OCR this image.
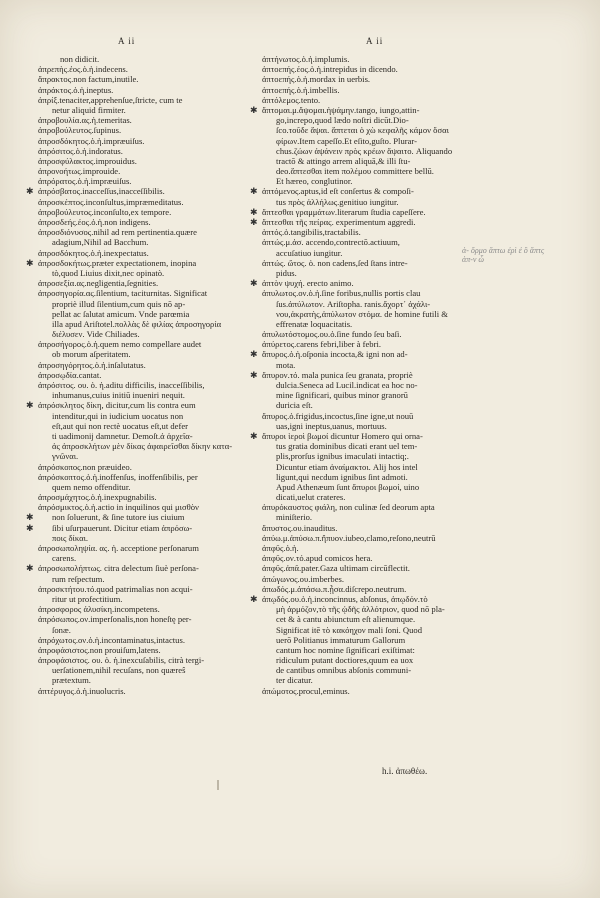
A ii	A ii
non didicit.
ἀπρεπὴς.ἐος.ὁ.ἡ.indecens.
ἄπρακτος.non factum,inutile.
ἀπράκτος.ὁ.ἡ.ineptus.
ἀπρίξ.tenaciter,apprehenſue,ſtricte, cum te
netur aliquid firmiter.
ἀπροβουλία.ας.ἡ.temeritas.
ἀπροβούλευτος.ſupinus.
ἀπροσδόκητος.ὁ.ἡ.impræuiſus.
ἀπρόσιτος.ὁ.ἡ.indoratus.
ἀπροσφύλακτος.improuidus.
ἀπρονοήτως.improuide.
ἀπρόρατος.ὁ.ἡ.impræuiſus.
✱ ἀπρόσβατος.inacceſſus,inacceſſibilis.
ἀπροσκέπτος.inconſultus,impræmeditatus.
ἀπροβούλευτος.inconſulto,ex tempore.
ἀπροσδεής.έος.ὁ.ἡ.non indigens.
ἀπροσδιόνυσος.nihil ad rem pertinentia.quære
adagium,Nihil ad Bacchum.
ἀπροσδόκητος.ὁ.ἡ.inexpectatus.
✱ ἀπροσδοκήτως.præter expectationem, inopina
tò,quod Liuius dixit,nec opinatò.
ἀπροσεξία.ας.negligentia,ſegnities.
ἀπροσηγορία.ας.ſilentium, taciturnitas. Significat
propriè illud ſilentium,cum quis nō ap-
pellat ac ſalutat amicum. Vnde parœmia
illa apud Ariſtotel.πολλὰς δὲ φιλίας ἀπροσηγορία
διέλυσεν. Vide Chiliades.
ἀπροσήγορος.ὁ.ἡ.quem nemo compellare audet
ob morum aſperitatem.
ἀπροσηγόρητος.ὁ.ἡ.inſalutatus.
ἀπροσῳδία.cantat.
ἀπρόσιτος. ου. ὁ. ἡ.aditu difficilis, inacceſſibilis,
inhumanus,cuius initiū inueniri nequit.
✱ ἀπρόσκλητος δίκη, dicitur,cum lis contra eum
intenditur,qui in iudicium uocatus non
eſt,aut qui non rectè uocatus eſt,ut defer
ti uadimonij damnetur. Demoſt.ἀ ἀρχεῖα-
ἀς ἀπροσκλήτων μὲν δίκας ἀφαιρεῖσθαι δίκην κατα-
γνῶναι.
ἀπρόσκοπος.non præuideo.
ἀπρόσκοπτος.ὁ.ἡ.inoffenſus, inoffenſibilis, per
quem nemo offenditur.
ἀπροσμάχητος.ὁ.ἡ.inexpugnabilis.
ἀπρόσμικτος.ὁ.ἡ.actio in inquilinos qui μισθὸν
✱ non ſoluerunt, & ſine tutore ius ciuium
✱ ſibi uſurpauerunt. Dicitur etiam ἀπρόσω-
ποις δίκαι.
ἀπροσωποληψία. ας. ἡ. acceptione perſonarum
carens.
✱ ἀπροσωπολήπτως. citra delectum ſiuè perſona-
rum reſpectum.
ἀπροσκτήτου.τό.quod patrimalias non acqui-
ritur ut profectitium.
ἀπροσφορος ἀλυσίκη.incompetens.
ἀπρόσωπος.ον.imperſonalis,non honeſtę per-
ſonæ.
ἀπρόχωτος.ον.ὁ.ἡ.incontaminatus,intactus.
ἀπροφάσιστος.non prouiſum,latens.
ἀπροφάσιστος. ου. ὁ. ἡ.inexcuſabilis, citrà tergi-
uerſationem,nihil recuſans, non quæreŝ
prætextum.
ἀπτέρυγος.ὁ.ἡ.inuolucris.
ἀπτήνωτος.ὁ.ἡ.implumis.
ἀπτοεπής.έος.ὁ.ἡ.intrepidus in dicendo.
ἀπτοεπής.ὁ.ἡ.mordax in uerbis.
ἀπτοεπής.ὁ.ἡ.imbellis.
ἀπτόλεμος.tento.
✱ ἅπτομαι.μ.ἅψομαι.ἡψάμην.tango, iungo,attin-
go,increpo,quod lædo noſtri dicūt.Dio-
ſco.τοῦδε ἅψαι. ἅπτεται ὁ χὼ κεφαλῆς κάμον ὅσαι
φίρων.Item capeſſo.Et eſito,guſto. Plurar-
chus.ζώων ἀψάνειν πρὸς κρέων ἅψαιτο. Aliquando
tractō & attingo arrem aliquā,& illi ſtu-
deo.ἅπτεσθαι item πολέμου committere bellū.
Et hæreo, conglutinor.
✱ ἀπτόμενος.aptus,id eſt conſertus & compoſi-
tus πρὸς ἀλλήλως.genitiuo iungitur.
✱ ἅπτεσθαι γραμμάτων.literarum ſtudia capeſſere.
✱ ἅπτεσθαι τῆς πείρας. experimentum aggredi.
ἁπτός.ὁ.tangibilis,tractabilis.
ἀπτώς.μ.ἀσ. accendo,contrectō.actiuum,
accuſatiuo iungitur.
ἀπτώς. ὤτος. ὁ. non cadens,ſed ſtans intre-
pidus.
✱ ἀπτὸν ψυχή. erecto animo.
ἀπυλωτος.ον.ὁ.ἡ.ſine foribus,nullis portis clau
ſus.ἀπύλωτον. Ariſtopha. ranis.ἄχορτ᾽ ἀχάλι-
νου,ἀκρατὴς,ἀπύλωτον στόμα. de homine futili &
effrenatæ loquacitatis.
ἀπυλωτόστομος.ου.ὁ.ſine fundo ſeu baſi.
ἀπύρετος.carens febri,liber à febri.
✱ ἄπυρος.ὁ.ἡ.oſponia incocta,& igni non ad-
mota.
✱ ἄπυρον.τό. mala punica ſeu granata, propriè
dulcia.Seneca ad Lucil.indicat ea hoc no-
mine ſignificari, quibus minor granorū
duricia eſt.
ἄπυρος.ὁ.frigidus,incoctus,ſine igne,ut nouū
uas,igni ineptus,uanus, mortuus.
✱ ἄπυροι ἱεροὶ βωμοί dicuntur Homero qui orna-
tus gratia dominibus dicati erant uel tem-
plis,prorſus ignibus imaculati intactiq;.
Dicuntur etiam ἀναίμακτοι. Alij hos intel
ligunt,qui necdum ignibus ſint admoti.
Apud Athenæum ſunt ἄπυροι βωμοί, uino
dicati,uelut crateres.
ἀπυρόκαυστος φιάλη, non culinæ ſed deorum apta
miniſterio.
ἄπυστος.ου.inauditus.
ἀπύω.μ.ἀπύσω.π.ἤπυον.iubeo,clamo,reſono,neutrū
ἀπφῦς.ὁ.ἡ.
ἀπφῦς.ον.τό.apud comicos hera.
ἀπφῦς.ἀπᾶ.pater.Gaza ultimam circūflectit.
ἀπώγωνος.ου.imberbes.
ἀπωδός.μ.ἀπάσω.π.ᾗσα.diſcrepo.neutrum.
✱ ἀπῳδός.ου.ὁ.ἡ.inconcinnus, abſonus, ἀπῳδόν.τὸ
μὴ ἁρμόζον,τὸ τῆς ᾠδῆς ἀλλότριον, quod nō pla-
cet & à cantu abiunctum eſt alienumque.
Significat itē τὸ κακόηχον mali ſoni. Quod
uerō Politianus immaturum Gallorum
cantum hoc nomine ſignificari exiſtimat:
ridiculum putant doctiores,quum ea uox
de cantibus omnibus abſonis communi-
ter dicatur.
ἀπώμοτος.procul,eminus.
ἀ- ὄρμο ἅπτω ἐρὶ ἐ ὃ ἅπτς
ἀπ-ν ὦ
h.i. ἀπωθέω.
